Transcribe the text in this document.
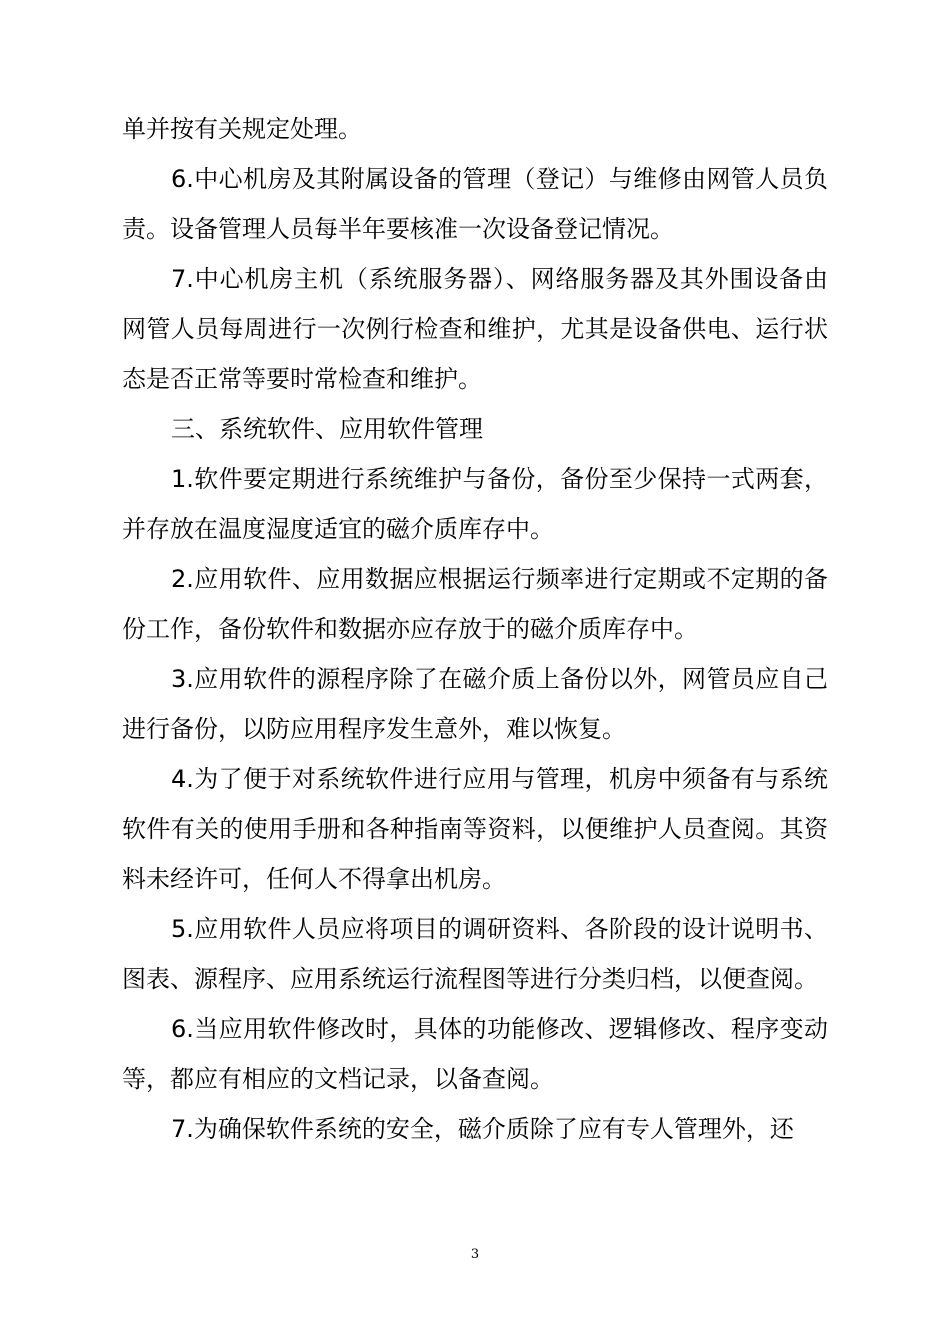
单并按有关规定处理。

6.中心机房及其附属设备的管理（登记）与维修由网管人员负责。设备管理人员每半年要核准一次设备登记情况。

7.中心机房主机（系统服务器）、网络服务器及其外围设备由网管人员每周进行一次例行检查和维护，尤其是设备供电、运行状态是否正常等要时常检查和维护。

三、系统软件、应用软件管理

1.软件要定期进行系统维护与备份，备份至少保持一式两套，并存放在温度湿度适宜的磁介质库存中。

2.应用软件、应用数据应根据运行频率进行定期或不定期的备份工作，备份软件和数据亦应存放于的磁介质库存中。

3.应用软件的源程序除了在磁介质上备份以外，网管员应自己进行备份，以防应用程序发生意外，难以恢复。

4.为了便于对系统软件进行应用与管理，机房中须备有与系统软件有关的使用手册和各种指南等资料，以便维护人员查阅。其资料未经许可，任何人不得拿出机房。

5.应用软件人员应将项目的调研资料、各阶段的设计说明书、图表、源程序、应用系统运行流程图等进行分类归档，以便查阅。

6.当应用软件修改时，具体的功能修改、逻辑修改、程序变动等，都应有相应的文档记录，以备查阅。

7.为确保软件系统的安全，磁介质除了应有专人管理外，还

3
